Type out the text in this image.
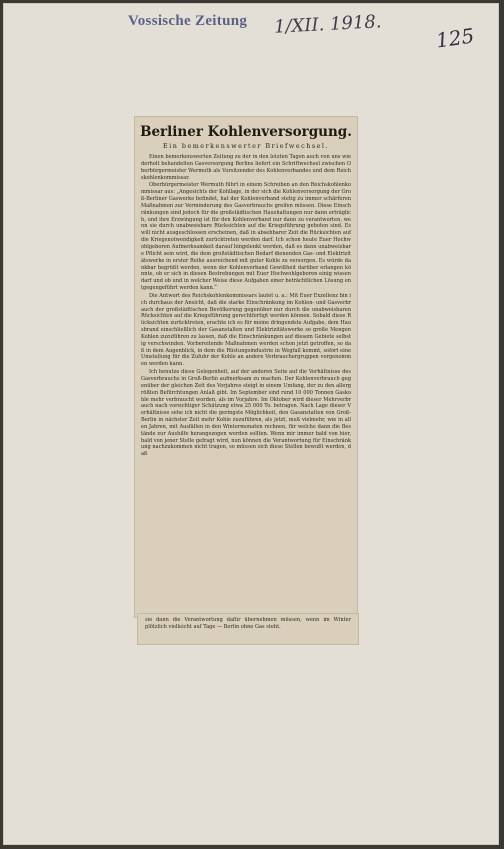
Vossische Zeitung 1/XII. 1918.	125
Berliner Kohlenversorgung.
Ein bemerkenswerter Briefwechsel.

Einen bemerkenswerten Zeitung zu der in den letzten Tagen auch von uns wiederholt behandelten Gasversorgung Berlins liefert ein Schriftwechsel zwischen Oberbürgermeister Wermuth als Vorsitzender des Kohlenverbandes und dem Reichskohlenkommissar.

Oberbürgermeister Wermuth führt in einem Schreiben an den Reichskohlenkommissar aus: „Angesichts der Kohllage, in der sich die Kohlenversorgung der Groß-Berliner Gaswerke befindet, hat der Kohlenverband stetig zu immer schärferen Maßnahmen zur Verminderung des Gasverbrauchs greifen müssen. Diese Einschränkungen sind jedoch für die großstädtischen Haushaltungen nur dann erträglich, und ihre Erzwingung ist für den Kohlenverband nur dann zu verantworten, wenn sie durch unabweisbare Rücksichten auf die Kriegsführung geboten sind. Es will nicht ausgeschlossen erscheinen, daß in absehbarer Zeit die Rücksichten auf die Kriegsnotwendigkeit zurücktreten werden darf. Ich schon heute Euer Hochwohlgeboren Aufmerksamkeit darauf hingelenkt werden, daß es dann unabweisbare Pflicht sein wird, die dem großstädtischen Bedarf dienenden Gas- und Elektrizitätswerke in erster Reihe ausreichend mit guter Kohle zu versorgen. Es würde dankbar begrüßt werden, wenn der Kohlenverband Gewißheit darüber erlangen könnte, ob er sich in diesen Bestrebungen mit Euer Hochwohlgeboren einig wissen darf und ob und in welcher Weise diese Aufgaben einer beträchtlichen Lösung entgegengeführt werden kann.“

Die Antwort des Reichskohlenkommissars lautet u. a.: Mit Euer Exzellenz bin ich durchaus der Ansicht, daß die starke Einschränkung im Kohlen- und Gasverbrauch der großstädtischen Bevölkerung gegenüber nur durch die unabweisbaren Rücksichten auf die Kriegsführung gerechtfertigt werden können. Sobald diese Rücksichten zurücktreten, erachte ich es für meine dringendste Aufgabe, dem Hausbrand einschließlich der Gasanstalten und Elektrizitätswerke so große Mengen Kohlen zuzuführen zu lassen, daß die Einschränkungen auf diesem Gebiete selbstig verschwinden. Vorbereitende Maßnahmen werden schon jetzt getroffen, so daß in dem Augenblick, in dem die Rüstungsindustrie in Wegfall kommt, sofort eine Umstellung für die Zufuhr der Kohle an andere Verbrauchergruppen vorgenommen werden kann.

Ich benutze diese Gelegenheit, auf der anderen Seite auf die Verhältnisse des Gasverbrauchs in Groß-Berlin aufmerksam zu machen. Der Kohlenverbrauch gegenüber der gleichen Zeit des Vorjahres steigt in einem Umfang, der zu den allergrößten Befürchtungen Anlaß gibt. Im September sind rund 10 000 Tonnen Gaskohle mehr verbraucht worden, als im Vorjahre. Im Oktober wird dieser Mehrverbrauch nach vorsichtiger Schätzung etwa 25 000 To. betragen. Nach Lage dieser Verhältnisse sehe ich nicht die geringste Möglichkeit, den Gasanstalten von Groß-Berlin in nächster Zeit mehr Kohle zuzuführen, als jetzt, muß vielmehr, wie in allen Jahren, mit Ausfällen in den Wintermonaten rechnen, für welche dann die Bestände zur Aushilfe herangezogen werden sollten. Wenn mir immer bald von hier, bald von jener Stelle gefragt wird, nun können die Verantwortung für Einschränkung nachzukommen nicht tragen, so müssen sich diese Stellen bewußt werden, daß

sie dann die Verantwortung dafür übernehmen müssen, wenn im Winter plötzlich vielleicht auf Tage — Berlin ohne Gas steht.
